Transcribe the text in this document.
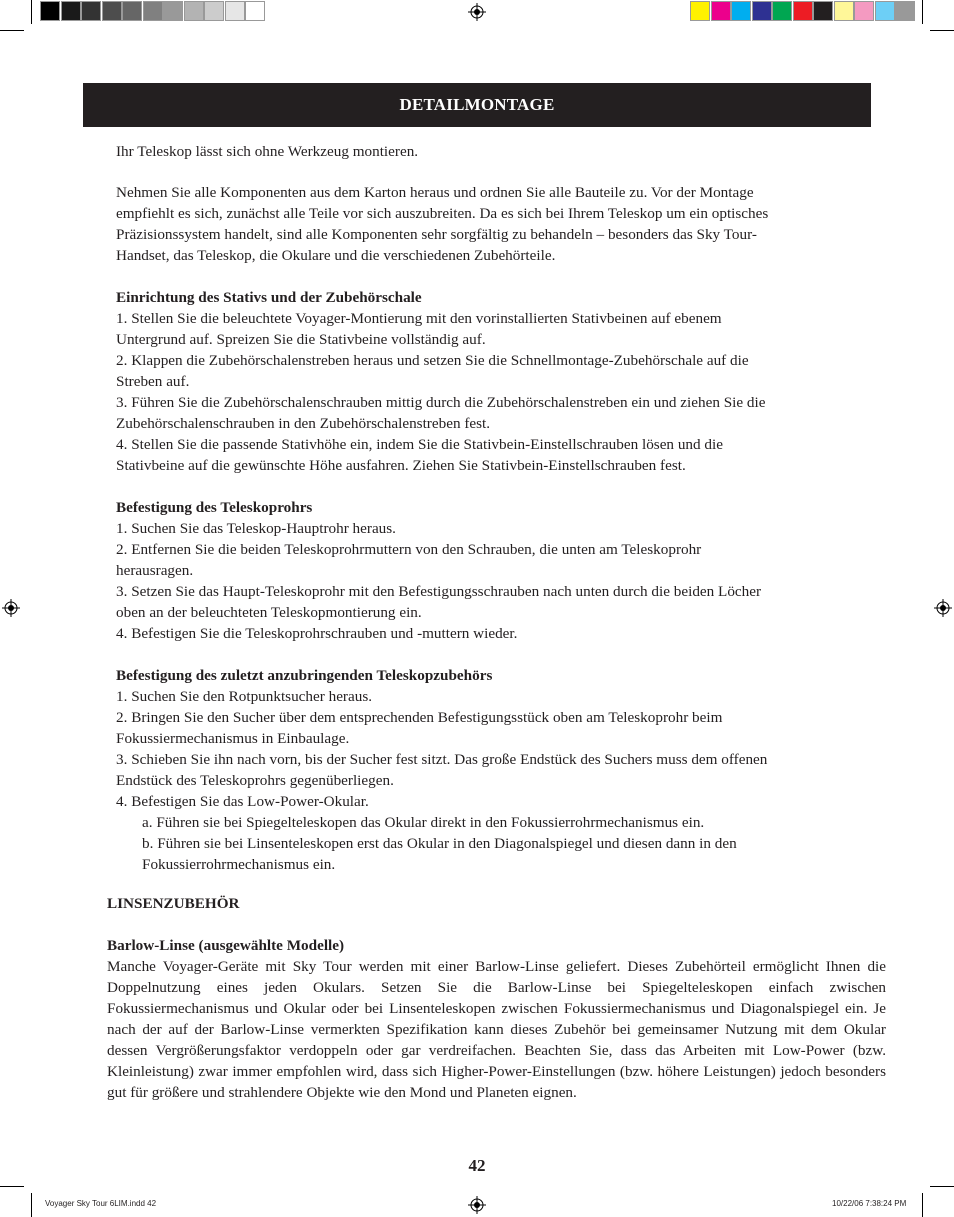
DETAILMONTAGE

Ihr Teleskop lässt sich ohne Werkzeug montieren.

Nehmen Sie alle Komponenten aus dem Karton heraus und ordnen Sie alle Bauteile zu. Vor der Montage
empfiehlt es sich, zunächst alle Teile vor sich auszubreiten. Da es sich bei Ihrem Teleskop um ein optisches
Präzisionssystem handelt, sind alle Komponenten sehr sorgfältig zu behandeln – besonders das Sky Tour-
Handset, das Teleskop, die Okulare und die verschiedenen Zubehörteile.
Einrichtung des Stativs und der Zubehörschale
1. Stellen Sie die beleuchtete Voyager-Montierung mit den vorinstallierten Stativbeinen auf ebenem
Untergrund auf. Spreizen Sie die Stativbeine vollständig auf.
2. Klappen die Zubehörschalenstreben heraus und setzen Sie die Schnellmontage-Zubehörschale auf die
Streben auf.
3. Führen Sie die Zubehörschalenschrauben mittig durch die Zubehörschalenstreben ein und ziehen Sie die
Zubehörschalenschrauben in den Zubehörschalenstreben fest.
4. Stellen Sie die passende Stativhöhe ein, indem Sie die Stativbein-Einstellschrauben lösen und die
Stativbeine auf die gewünschte Höhe ausfahren. Ziehen Sie Stativbein-Einstellschrauben fest.
Befestigung des Teleskoprohrs
1. Suchen Sie das Teleskop-Hauptrohr heraus.
2. Entfernen Sie die beiden Teleskoprohrmuttern von den Schrauben, die unten am Teleskoprohr
herausragen.
3. Setzen Sie das Haupt-Teleskoprohr mit den Befestigungsschrauben nach unten durch die beiden Löcher
oben an der beleuchteten Teleskopmontierung ein.
4. Befestigen Sie die Teleskoprohrschrauben und -muttern wieder.
Befestigung des zuletzt anzubringenden Teleskopzubehörs
1. Suchen Sie den Rotpunktsucher heraus.
2. Bringen Sie den Sucher über dem entsprechenden Befestigungsstück oben am Teleskoprohr beim
Fokussiermechanismus in Einbaulage.
3. Schieben Sie ihn nach vorn, bis der Sucher fest sitzt. Das große Endstück des Suchers muss dem offenen
Endstück des Teleskoprohrs gegenüberliegen.
4. Befestigen Sie das Low-Power-Okular.
a. Führen sie bei Spiegelteleskopen das Okular direkt in den Fokussierrohrmechanismus ein.
b. Führen sie bei Linsenteleskopen erst das Okular in den Diagonalspiegel und diesen dann in den
Fokussierrohrmechanismus ein.

LINSENZUBEHÖR

Barlow-Linse (ausgewählte Modelle)

Manche Voyager-Geräte mit Sky Tour werden mit einer Barlow-Linse geliefert. Dieses Zubehörteil ermöglicht Ihnen die Doppelnutzung eines jeden Okulars. Setzen Sie die Barlow-Linse bei Spiegelteleskopen einfach zwischen Fokussiermechanismus und Okular oder bei Linsenteleskopen zwischen Fokussiermechanismus und Diagonalspiegel ein. Je nach der auf der Barlow-Linse vermerkten Spezifikation kann dieses Zubehör bei gemeinsamer Nutzung mit dem Okular dessen Vergrößerungsfaktor verdoppeln oder gar verdreifachen. Beachten Sie, dass das Arbeiten mit Low-Power (bzw. Kleinleistung) zwar immer empfohlen wird, dass sich Higher-Power-Einstellungen (bzw. höhere Leistungen) jedoch besonders gut für größere und strahlendere Objekte wie den Mond und Planeten eignen.

42
Voyager Sky Tour 6LIM.indd 42	10/22/06 7:38:24 PM
